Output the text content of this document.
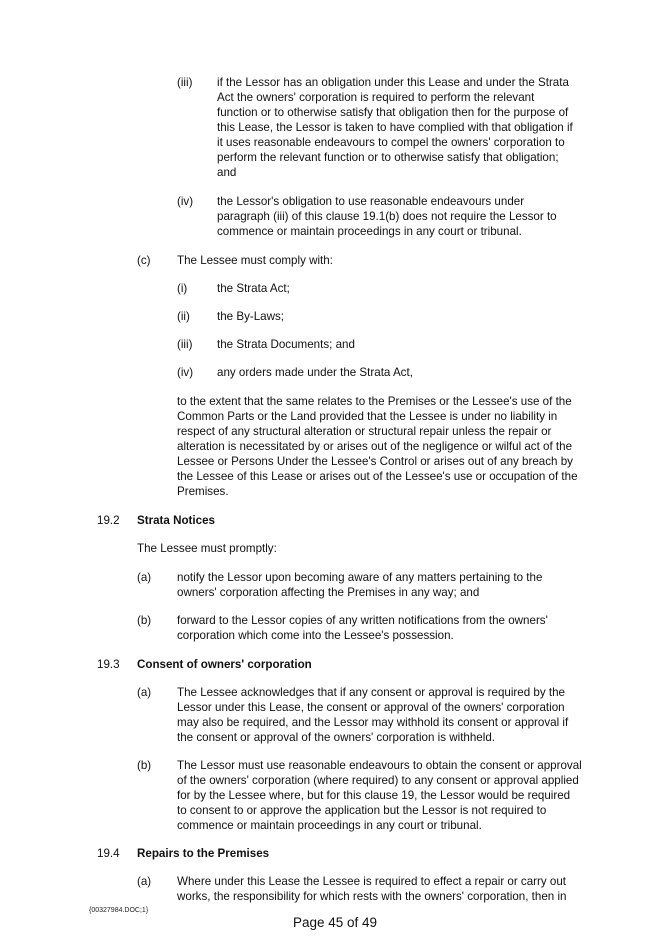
(iii) if the Lessor has an obligation under this Lease and under the Strata Act the owners' corporation is required to perform the relevant function or to otherwise satisfy that obligation then for the purpose of this Lease, the Lessor is taken to have complied with that obligation if it uses reasonable endeavours to compel the owners' corporation to perform the relevant function or to otherwise satisfy that obligation; and
(iv) the Lessor's obligation to use reasonable endeavours under paragraph (iii) of this clause 19.1(b) does not require the Lessor to commence or maintain proceedings in any court or tribunal.
(c) The Lessee must comply with:
(i)	the Strata Act;
(ii) the By-Laws;
(iii) the Strata Documents; and
(iv) any orders made under the Strata Act,
to the extent that the same relates to the Premises or the Lessee's use of the Common Parts or the Land provided that the Lessee is under no liability in respect of any structural alteration or structural repair unless the repair or alteration is necessitated by or arises out of the negligence or wilful act of the Lessee or Persons Under the Lessee's Control or arises out of any breach by the Lessee of this Lease or arises out of the Lessee's use or occupation of the Premises.
19.2 Strata Notices
The Lessee must promptly:
(a) notify the Lessor upon becoming aware of any matters pertaining to the owners' corporation affecting the Premises in any way; and
(b) forward to the Lessor copies of any written notifications from the owners' corporation which come into the Lessee's possession.
19.3 Consent of owners' corporation
(a) The Lessee acknowledges that if any consent or approval is required by the Lessor under this Lease, the consent or approval of the owners' corporation may also be required, and the Lessor may withhold its consent or approval if the consent or approval of the owners' corporation is withheld.
(b) The Lessor must use reasonable endeavours to obtain the consent or approval of the owners' corporation (where required) to any consent or approval applied for by the Lessee where, but for this clause 19, the Lessor would be required to consent to or approve the application but the Lessor is not required to commence or maintain proceedings in any court or tribunal.
19.4 Repairs to the Premises
(a) Where under this Lease the Lessee is required to effect a repair or carry out works, the responsibility for which rests with the owners' corporation, then in
{00327984.DOC;1}
Page 45 of 49
